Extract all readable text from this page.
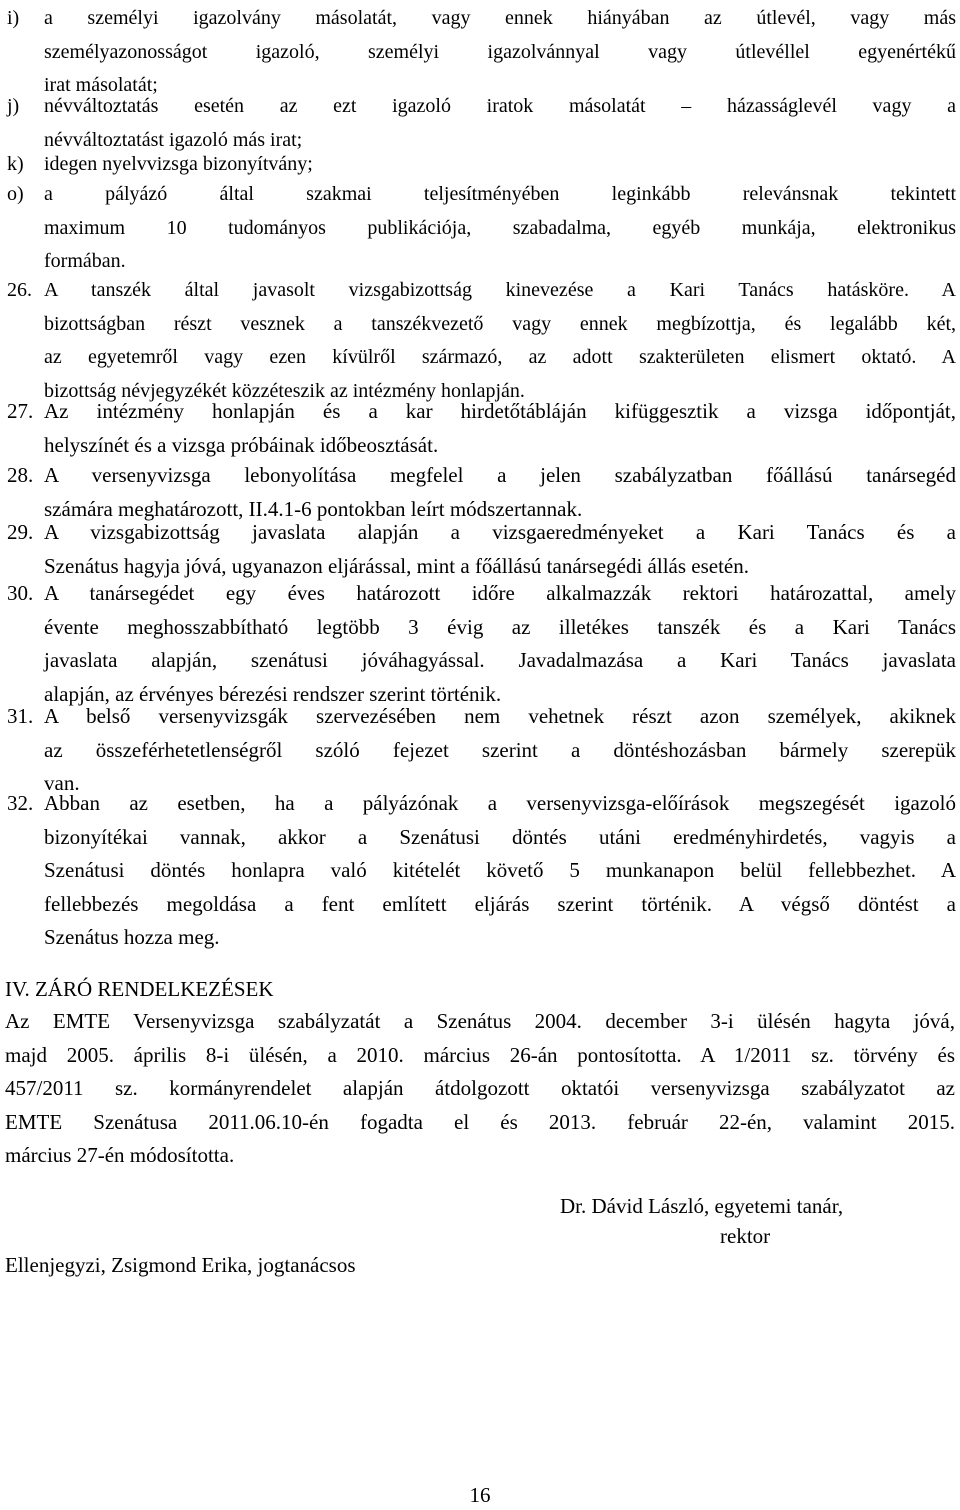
i) a személyi igazolvány másolatát, vagy ennek hiányában az útlevél, vagy más
személyazonosságot igazoló, személyi igazolvánnyal vagy útlevéllel egyenértékű
irat másolatát;
j) névváltoztatás esetén az ezt igazoló iratok másolatát – házasságlevél vagy a
névváltoztatást igazoló más irat;
k) idegen nyelvvizsga bizonyítvány;
o) a pályázó által szakmai teljesítményében leginkább relevánsnak tekintett
maximum 10 tudományos publikációja, szabadalma, egyéb munkája, elektronikus
formában.
26. A tanszék által javasolt vizsgabizottság kinevezése a Kari Tanács hatásköre. A
bizottságban részt vesznek a tanszékvezető vagy ennek megbízottja, és legalább két,
az egyetemről vagy ezen kívülről származó, az adott szakterületen elismert oktató. A
bizottság névjegyzékét közzéteszik az intézmény honlapján.
27. Az intézmény honlapján és a kar hirdetőtábláján kifüggesztik a vizsga időpontját,
helyszínét és a vizsga próbáinak időbeosztását.
28. A versenyvizsga lebonyolítása megfelel a jelen szabályzatban főállású tanársegéd
számára meghatározott, II.4.1-6 pontokban leírt módszertannak.
29. A vizsgabizottság javaslata alapján a vizsgaeredményeket a Kari Tanács és a
Szenátus hagyja jóvá, ugyanazon eljárással, mint a főállású tanársegédi állás esetén.
30. A tanársegédet egy éves határozott időre alkalmazzák rektori határozattal, amely
évente meghosszabbítható legtöbb 3 évig az illetékes tanszék és a Kari Tanács
javaslata alapján, szenátusi jóváhagyással. Javadalmazása a Kari Tanács javaslata
alapján, az érvényes bérezési rendszer szerint történik.
31. A belső versenyvizsgák szervezésében nem vehetnek részt azon személyek, akiknek
az összeférhetetlenségről szóló fejezet szerint a döntéshozásban bármely szerepük
van.
32. Abban az esetben, ha a pályázónak a versenyvizsga-előírások megszegését igazoló
bizonyítékai vannak, akkor a Szenátusi döntés utáni eredményhirdetés, vagyis a
Szenátusi döntés honlapra való kitételét követő 5 munkanapon belül fellebbezhet. A
fellebbezés megoldása a fent említett eljárás szerint történik. A végső döntést a
Szenátus hozza meg.
IV. ZÁRÓ RENDELKEZÉSEK
Az EMTE Versenyvizsga szabályzatát a Szenátus 2004. december 3-i ülésén hagyta jóvá,
majd 2005. április 8-i ülésén, a 2010. március 26-án pontosította. A 1/2011 sz. törvény és
457/2011 sz. kormányrendelet alapján átdolgozott oktatói versenyvizsga szabályzatot az
EMTE Szenátusa 2011.06.10-én fogadta el és 2013. február 22-én, valamint 2015.
március 27-én módosította.
Dr. Dávid László, egyetemi tanár,
rektor
Ellenjegyzi, Zsigmond Erika, jogtanácsos
16
